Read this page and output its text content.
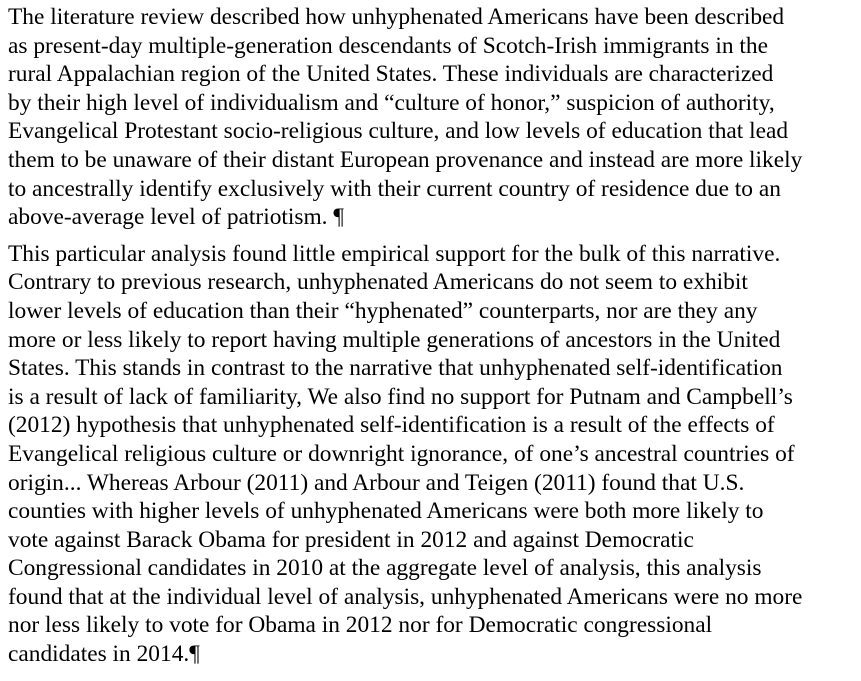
The literature review described how unhyphenated Americans have been described
as present-day multiple-generation descendants of Scotch-Irish immigrants in the
rural Appalachian region of the United States. These individuals are characterized
by their high level of individualism and “culture of honor,” suspicion of authority,
Evangelical Protestant socio-religious culture, and low levels of education that lead
them to be unaware of their distant European provenance and instead are more likely
to ancestrally identify exclusively with their current country of residence due to an
above-average level of patriotism. ¶

This particular analysis found little empirical support for the bulk of this narrative.
Contrary to previous research, unhyphenated Americans do not seem to exhibit
lower levels of education than their “hyphenated” counterparts, nor are they any
more or less likely to report having multiple generations of ancestors in the United
States. This stands in contrast to the narrative that unhyphenated self-identification
is a result of lack of familiarity, We also find no support for Putnam and Campbell’s
(2012) hypothesis that unhyphenated self-identification is a result of the effects of
Evangelical religious culture or downright ignorance, of one’s ancestral countries of
origin... Whereas Arbour (2011) and Arbour and Teigen (2011) found that U.S.
counties with higher levels of unhyphenated Americans were both more likely to
vote against Barack Obama for president in 2012 and against Democratic
Congressional candidates in 2010 at the aggregate level of analysis, this analysis
found that at the individual level of analysis, unhyphenated Americans were no more
nor less likely to vote for Obama in 2012 nor for Democratic congressional
candidates in 2014.¶
